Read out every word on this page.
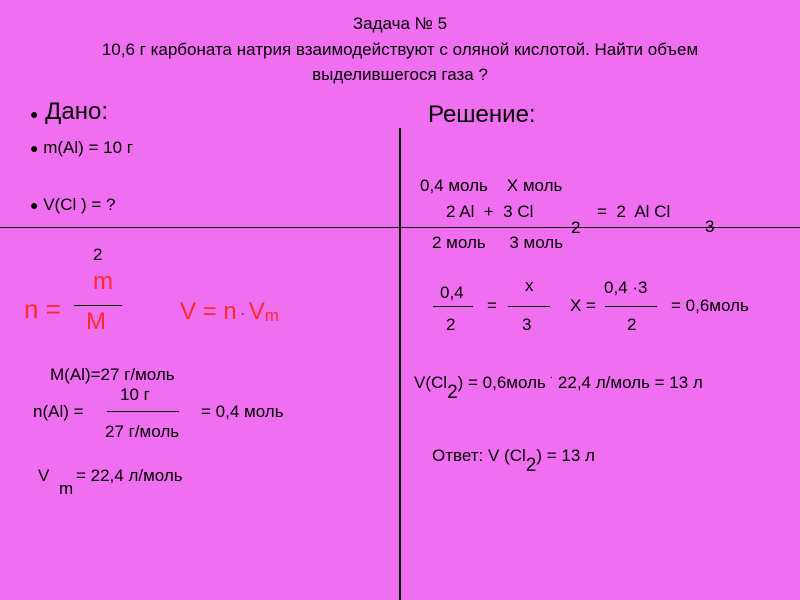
Задача № 5
10,6 г карбоната натрия взаимодействуют с оляной кислотой. Найти объем
выделившегося газа ?
● Дано:
● m(Al) = 10 г
● V(Cl ) = ?
2
n =
m
M	V = n · Vm
M(Al)=27 г/моль
n(Al) =
10 г
27 г/моль
= 0,4 моль
V
m
= 22,4 л/моль
Решение:
0,4 моль    Х моль
2 Al  +  3 Cl
2
=  2  Al Cl
3
2 моль     3 моль
0,4
2
=
х
3
Х =
0,4 ·3
2
= 0,6моль
V(Cl2) = 0,6моль · 22,4 л/моль = 13 л
Ответ: V (Cl2) = 13 л
